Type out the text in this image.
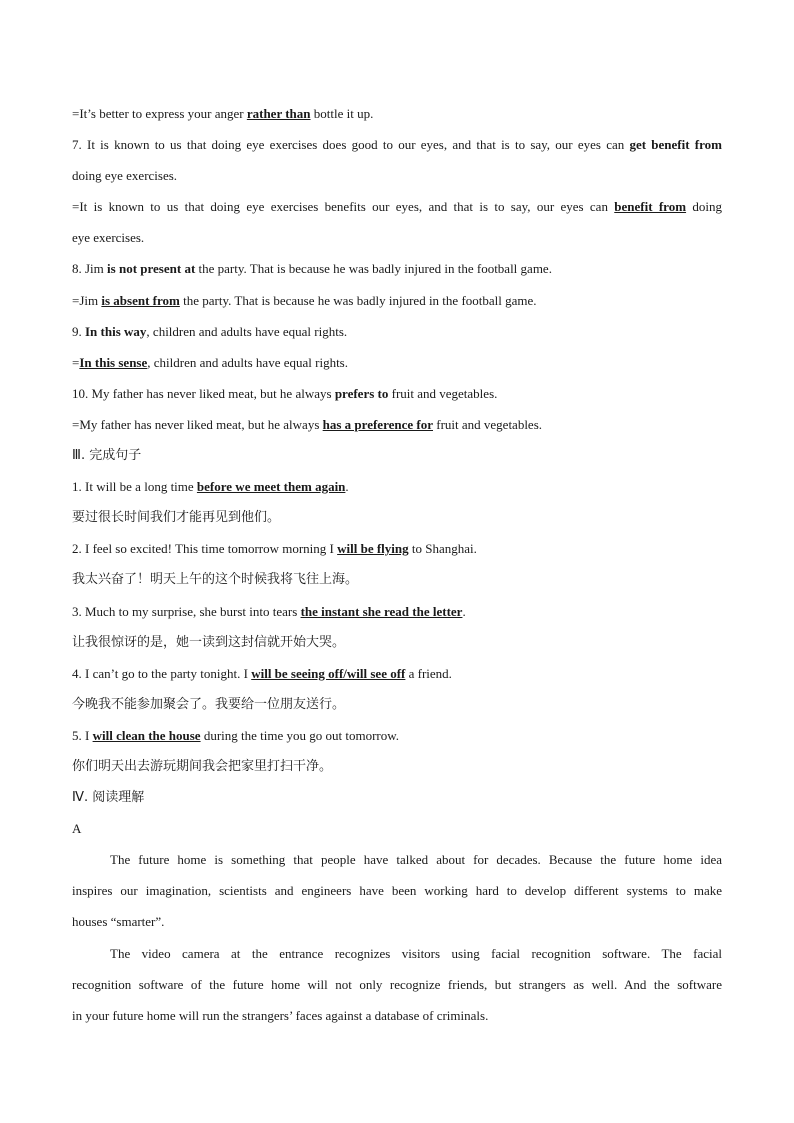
=It’s better to express your anger rather than bottle it up.
7. It is known to us that doing eye exercises does good to our eyes, and that is to say, our eyes can get benefit from
doing eye exercises.
=It is known to us that doing eye exercises benefits our eyes, and that is to say, our eyes can benefit from doing
eye exercises.
8. Jim is not present at the party. That is because he was badly injured in the football game.
=Jim is absent from the party. That is because he was badly injured in the football game.
9. In this way, children and adults have equal rights.
=In this sense, children and adults have equal rights.
10. My father has never liked meat, but he always prefers to fruit and vegetables.
=My father has never liked meat, but he always has a preference for fruit and vegetables.
Ⅲ. 完成句子
1. It will be a long time before we meet them again.
要过很长时间我们才能再见到他们。
2. I feel so excited! This time tomorrow morning I will be flying to Shanghai.
我太兴奋了！明天上午的这个时候我将飞往上海。
3. Much to my surprise, she burst into tears the instant she read the letter.
让我很惊讶的是，她一读到这封信就开始大哭。
4. I can’t go to the party tonight. I will be seeing off/will see off a friend.
今晚我不能参加聚会了。我要给一位朋友送行。
5. I will clean the house during the time you go out tomorrow.
你们明天出去游玩期间我会把家里打扫干净。
Ⅳ. 阅读理解
A
The future home is something that people have talked about for decades. Because the future home idea
inspires our imagination, scientists and engineers have been working hard to develop different systems to make
houses “smarter”.
The video camera at the entrance recognizes visitors using facial recognition software. The facial
recognition software of the future home will not only recognize friends, but strangers as well. And the software
in your future home will run the strangers’ faces against a database of criminals.
